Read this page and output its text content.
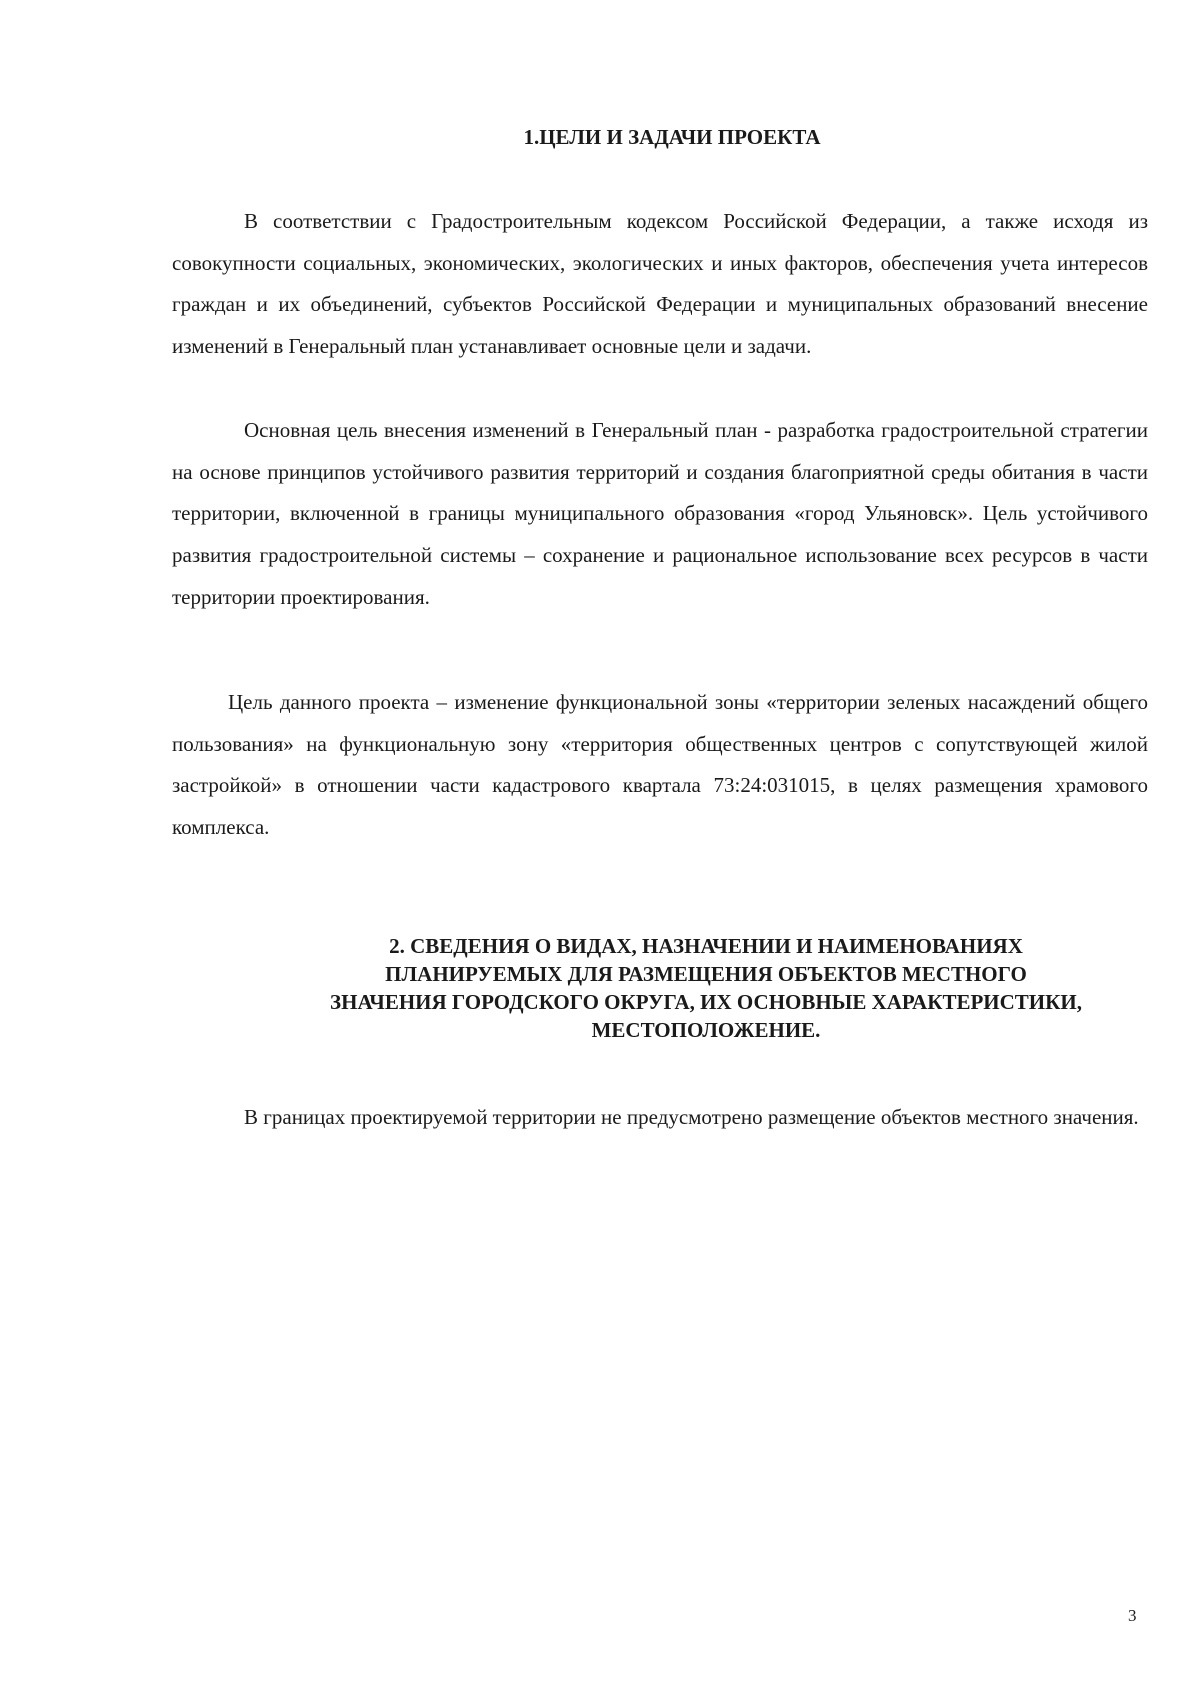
1.ЦЕЛИ И ЗАДАЧИ ПРОЕКТА

В соответствии с Градостроительным кодексом Российской Федерации, а также исходя из совокупности социальных, экономических, экологических и иных факторов, обеспечения учета интересов граждан и их объединений, субъектов Российской Федерации и муниципальных образований внесение изменений в Генеральный план устанавливает основные цели и задачи.

Основная цель внесения изменений в Генеральный план - разработка градостроительной стратегии на основе принципов устойчивого развития территорий и создания благоприятной среды обитания в части территории, включенной в границы муниципального образования «город Ульяновск». Цель устойчивого развития градостроительной системы – сохранение и рациональное использование всех ресурсов в части территории проектирования.

Цель данного проекта – изменение функциональной зоны «территории зеленых насаждений общего пользования» на функциональную зону «территория общественных центров с сопутствующей жилой застройкой» в отношении части кадастрового квартала 73:24:031015, в целях размещения храмового комплекса.

2. СВЕДЕНИЯ О ВИДАХ, НАЗНАЧЕНИИ И НАИМЕНОВАНИЯХ
ПЛАНИРУЕМЫХ ДЛЯ РАЗМЕЩЕНИЯ ОБЪЕКТОВ МЕСТНОГО
ЗНАЧЕНИЯ ГОРОДСКОГО ОКРУГА, ИХ ОСНОВНЫЕ ХАРАКТЕРИСТИКИ,
МЕСТОПОЛОЖЕНИЕ.

В границах проектируемой территории не предусмотрено размещение объектов местного значения.

3
